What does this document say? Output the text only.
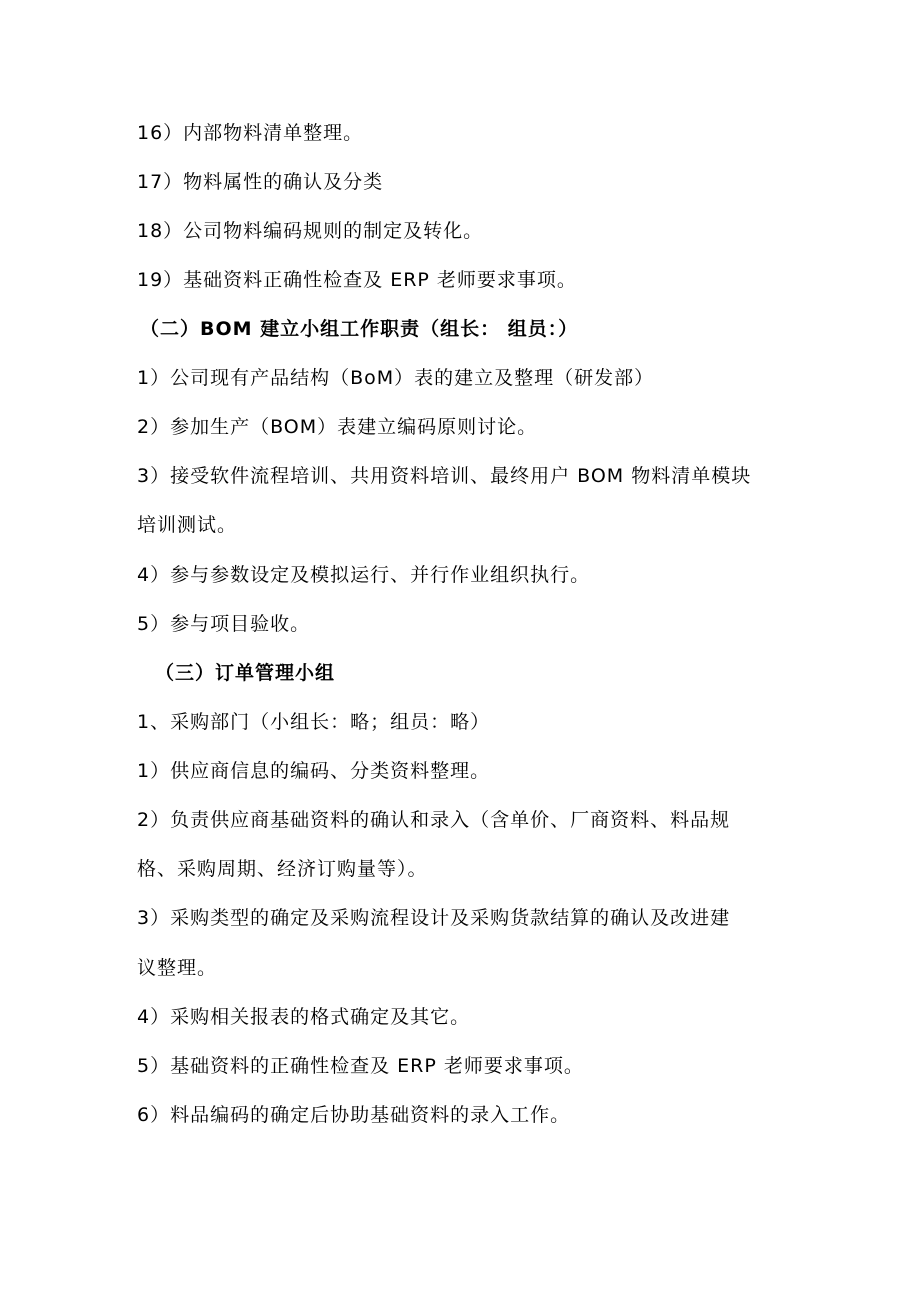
16）内部物料清单整理。
17）物料属性的确认及分类
18）公司物料编码规则的制定及转化。
19）基础资料正确性检查及 ERP 老师要求事项。
（二）BOM 建立小组工作职责（组长： 组员：）
1）公司现有产品结构（BoM）表的建立及整理（研发部）
2）参加生产（BOM）表建立编码原则讨论。
3）接受软件流程培训、共用资料培训、最终用户 BOM 物料清单模块
培训测试。
4）参与参数设定及模拟运行、并行作业组织执行。
5）参与项目验收。
（三）订单管理小组
1、采购部门（小组长：略；组员：略）
1）供应商信息的编码、分类资料整理。
2）负责供应商基础资料的确认和录入（含单价、厂商资料、料品规
格、采购周期、经济订购量等）。
3）采购类型的确定及采购流程设计及采购货款结算的确认及改进建
议整理。
4）采购相关报表的格式确定及其它。
5）基础资料的正确性检查及 ERP 老师要求事项。
6）料品编码的确定后协助基础资料的录入工作。
